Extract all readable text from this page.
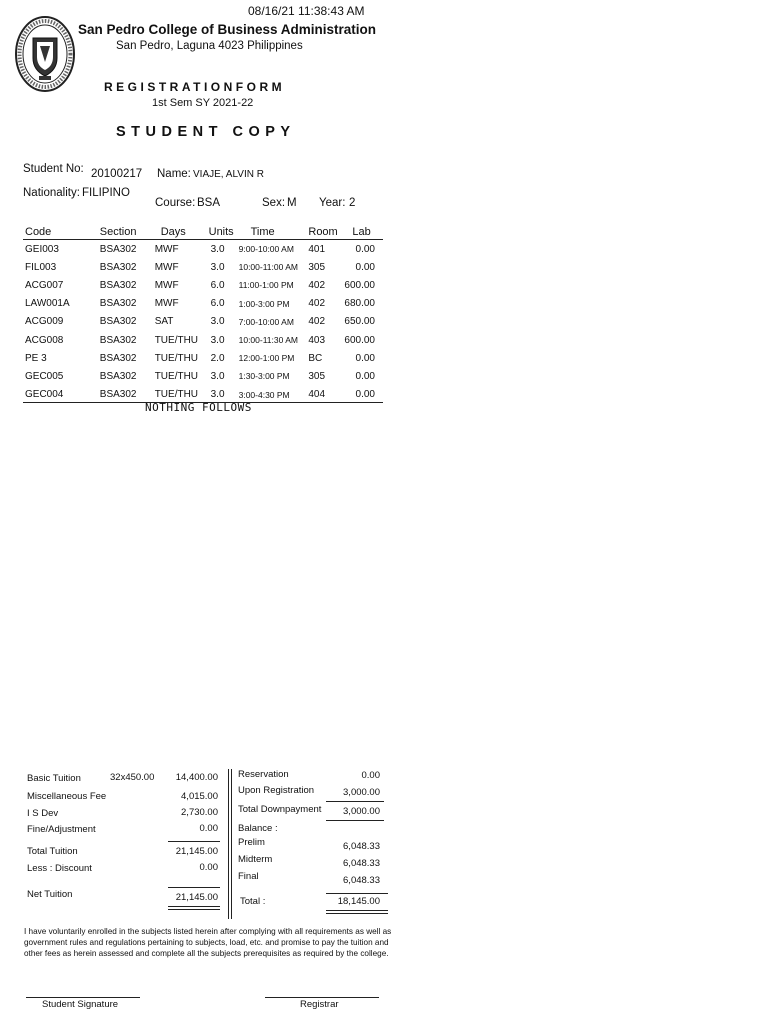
08/16/21 11:38:43 AM
San Pedro College of Business Administration
San Pedro, Laguna 4023 Philippines
REGISTRATIONFORM
1st Sem SY 2021-22
STUDENT COPY
Student No: 20100217 Name: VIAJE, ALVIN R
Nationality: FILIPINO
Course: BSA	Sex: M Year: 2
Code	Section	Days	Units	Time	Room	Lab
GEI003	BSA302	MWF	3.0	9:00-10:00 AM	401	0.00
FIL003	BSA302	MWF	3.0	10:00-11:00 AM	305	0.00
ACG007	BSA302	MWF	6.0	11:00-1:00 PM	402	600.00
LAW001A	BSA302	MWF	6.0	1:00-3:00 PM	402	680.00
ACG009	BSA302	SAT	3.0	7:00-10:00 AM	402	650.00
ACG008	BSA302	TUE/THU	3.0	10:00-11:30 AM	403	600.00
PE 3	BSA302	TUE/THU	2.0	12:00-1:00 PM	BC	0.00
GEC005	BSA302	TUE/THU	3.0	1:30-3:00 PM	305	0.00
GEC004	BSA302	TUE/THU	3.0	3:00-4:30 PM	404	0.00
NOTHING FOLLOWS
Basic Tuition	32x450.00	14,400.00
Miscellaneous Fee	4,015.00
I S Dev	2,730.00
Fine/Adjustment	0.00
Total Tuition	21,145.00
Less : Discount	0.00
Net Tuition	21,145.00
Reservation	0.00
Upon Registration	3,000.00
Total Downpayment	3,000.00
Balance :
Prelim	6,048.33
Midterm	6,048.33
Final	6,048.33
Total :	18,145.00
I have voluntarily enrolled in the subjects listed herein after complying with all requirements as well as government rules and regulations pertaining to subjects, load, etc. and promise to pay the tuition and other fees as herein assessed and complete all the subjects prerequisites as required by the college.
Student Signature	Registrar
